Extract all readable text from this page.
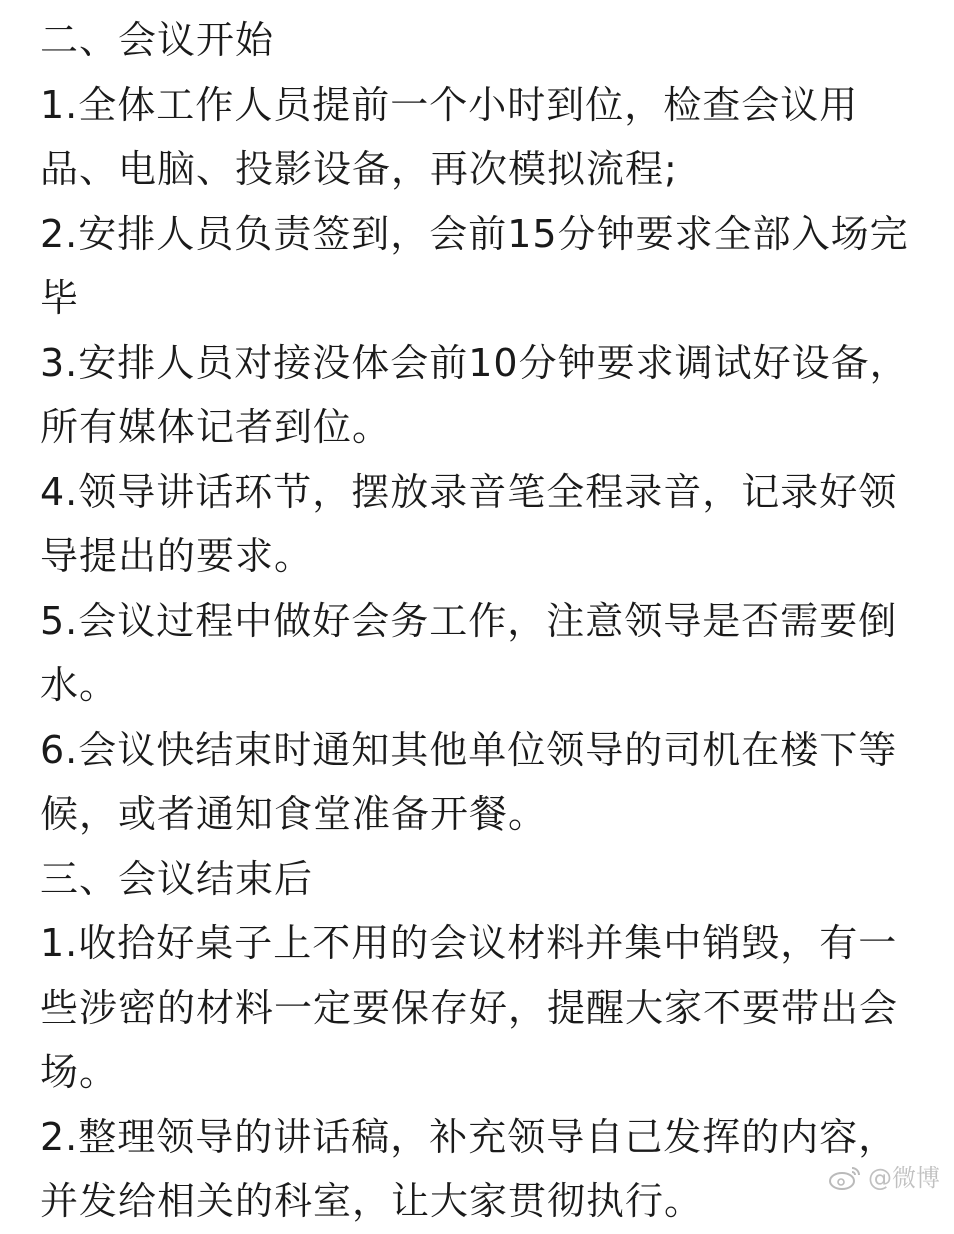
二、会议开始
1.全体工作人员提前一个小时到位，检查会议用
品、电脑、投影设备，再次模拟流程;
2.安排人员负责签到，会前15分钟要求全部入场完
毕
3.安排人员对接没体会前10分钟要求调试好设备，
所有媒体记者到位。
4.领导讲话环节，摆放录音笔全程录音，记录好领
导提出的要求。
5.会议过程中做好会务工作，注意领导是否需要倒
水。
6.会议快结束时通知其他单位领导的司机在楼下等
候，或者通知食堂准备开餐。
三、会议结束后
1.收拾好桌子上不用的会议材料并集中销毁，有一
些涉密的材料一定要保存好，提醒大家不要带出会
场。
2.整理领导的讲话稿，补充领导自己发挥的内容，
并发给相关的科室，让大家贯彻执行。
@微博
